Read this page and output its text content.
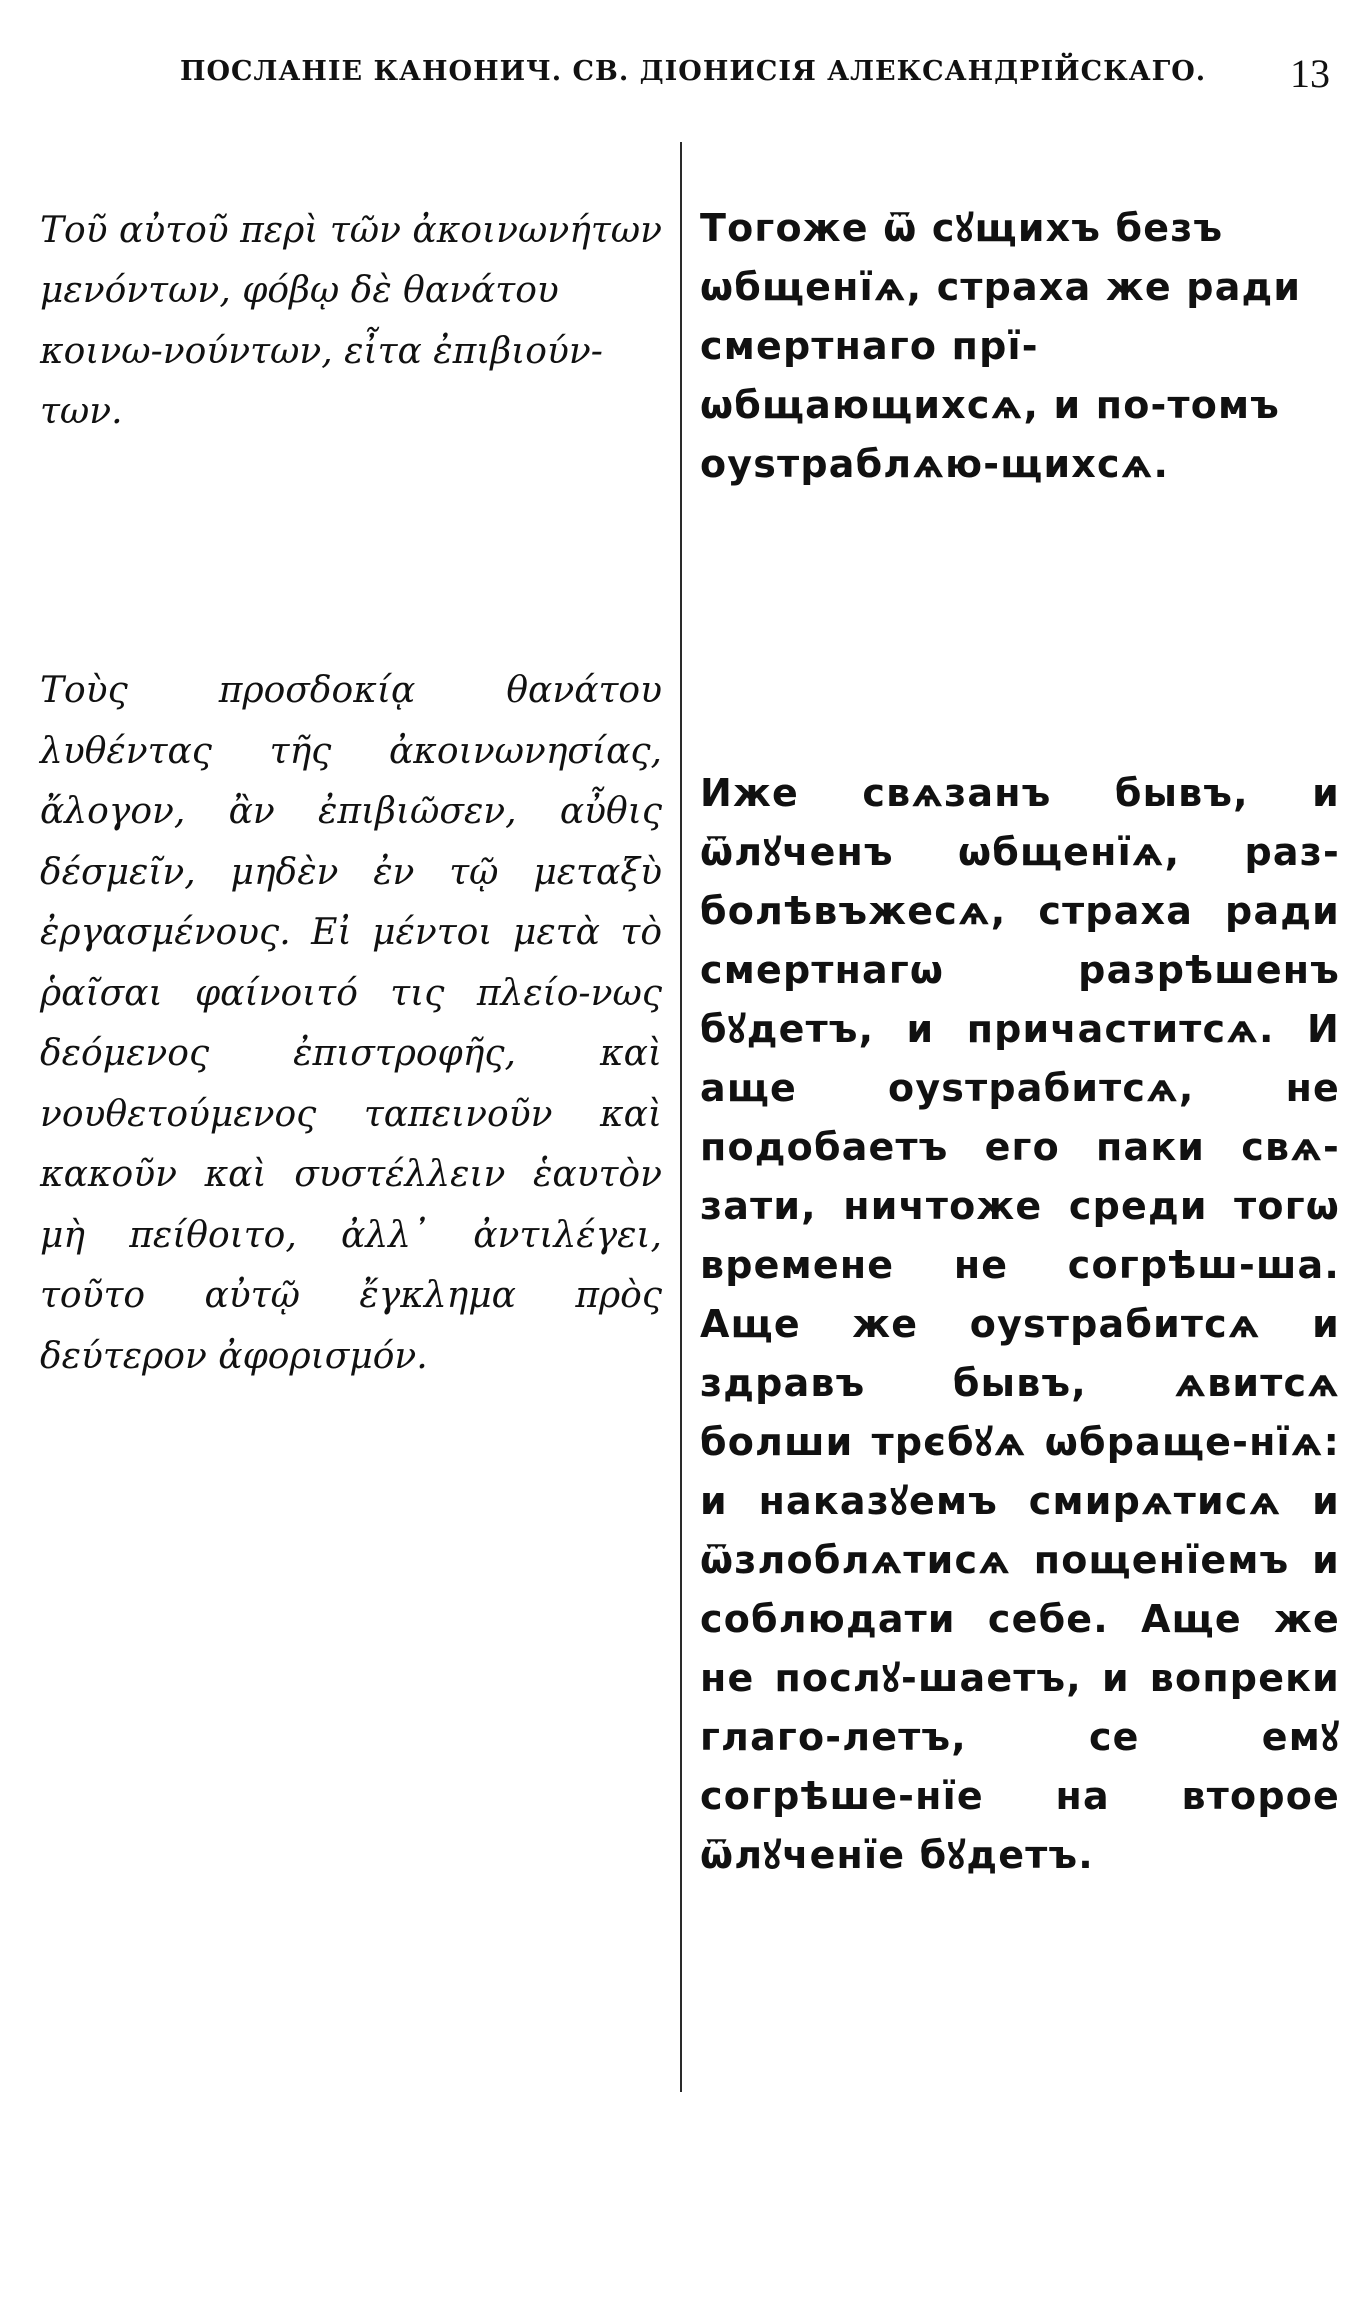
ПОСЛАНІЕ КАНОНИЧ. СВ. ДІОНИСІЯ АЛЕКСАНДРІЙСКАГО. 13

Τοῦ αὐτοῦ περὶ τῶν ἀκοινωνήτων μενόντων, φόβῳ δὲ θανάτου κοινω-νούντων, εἶτα ἐπιβιούν-των.

Τοὺς προσδοκίᾳ θανάτου λυθέντας τῆς ἀκοινωνησίας, ἄλογον, ἂν ἐπιβιῶσεν, αὖθις δέσμεῖν, μηδὲν ἐν τῷ μεταξὺ ἐργασμένους. Εἰ μέντοι μετὰ τὸ ῥαῖσαι φαίνοιτό τις πλείο-νως δεόμενος ἐπιστροφῆς, καὶ νουθετούμενος ταπεινοῦν καὶ κακοῦν καὶ συστέλλειν ἑαυτὸν μὴ πείθοιτο, ἀλλ᾿ ἀντιλέγει, τοῦτο αὐτῷ ἔγκλημα πρὸς δεύτερον ἀφορισμόν.

Тогоже ѿ сꙋщихъ безъ ѡбщенїѧ, страха же ради смертнаго прї-ѡбщающихсѧ, и по-томъ оуѕтраблѧю-щихсѧ.

Иже свѧзанъ бывъ, и ѿлꙋченъ ѡбщенїѧ, раз-болѣвъжесѧ, страха ради смертнагѡ разрѣшенъ бꙋдетъ, и причаститсѧ. И аще оуѕтрабитсѧ, не подобаетъ его паки свѧ-зати, ничтоже среди тогѡ времене не согрѣш-ша. Аще же оуѕтрабитсѧ и здравъ бывъ, ѧвитсѧ болши трєбꙋѧ ѡбраще-нїѧ: и наказꙋемъ смирѧтисѧ и ѿзлоблѧтисѧ пощенїемъ и соблюдати себе. Аще же не послꙋ-шаетъ, и вопреки глаго-летъ, се емꙋ согрѣше-нїе на второе ѿлꙋченїе бꙋдетъ.
